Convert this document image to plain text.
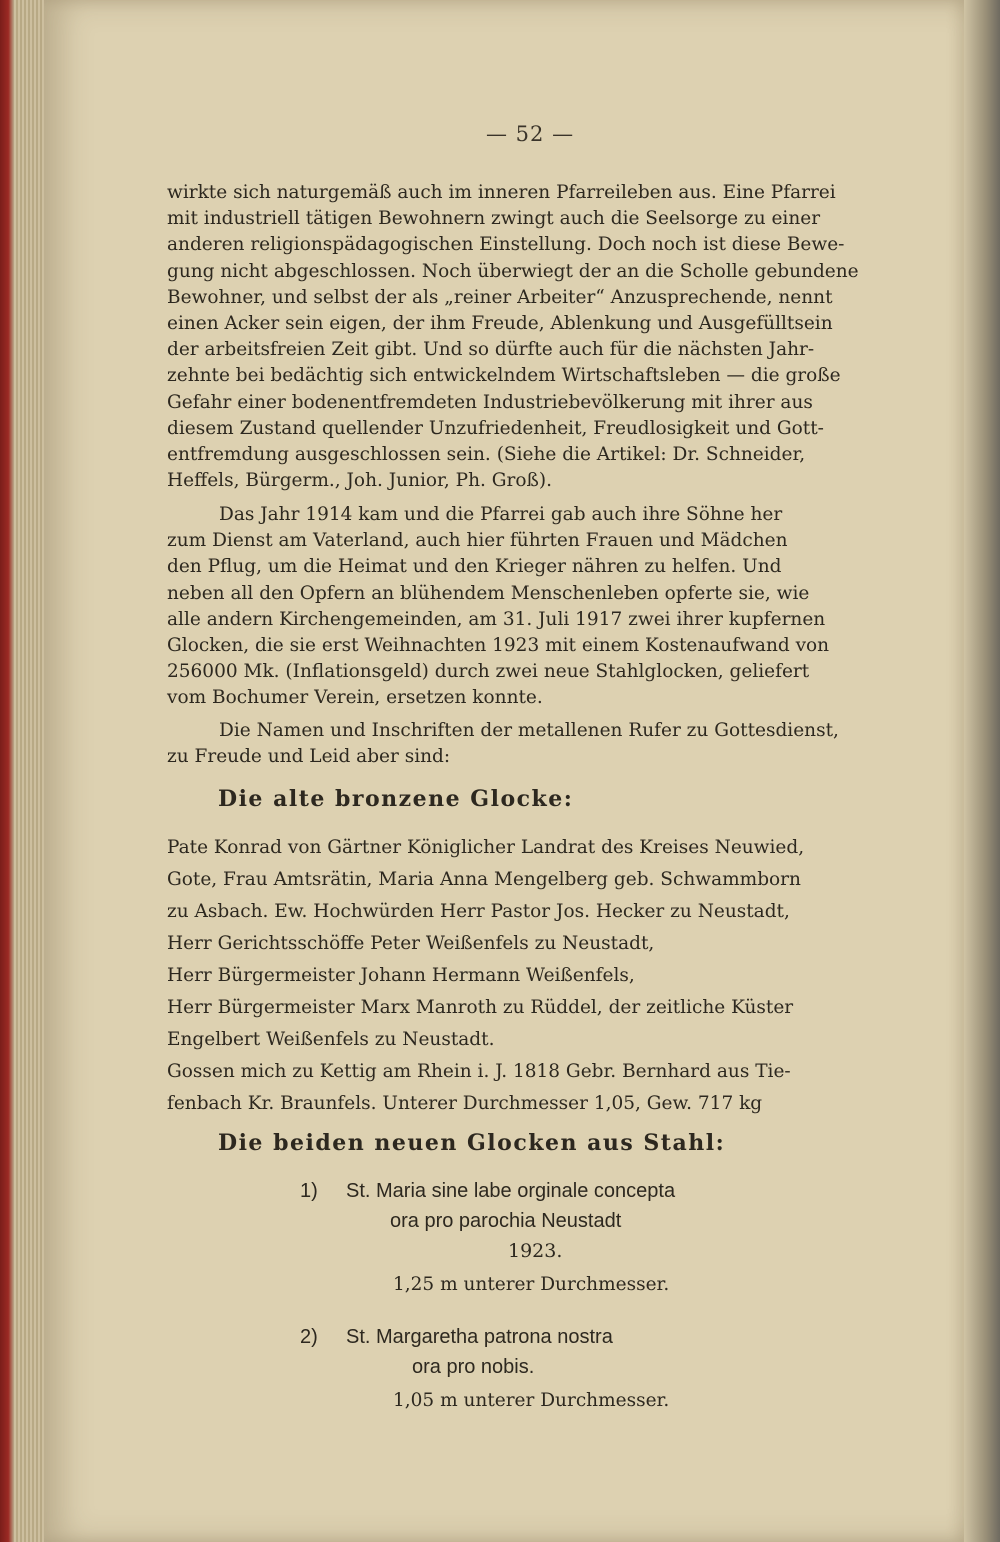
— 52 —

wirkte sich naturgemäß auch im inneren Pfarreileben aus. Eine Pfarrei

mit industriell tätigen Bewohnern zwingt auch die Seelsorge zu einer

anderen religionspädagogischen Einstellung. Doch noch ist diese Bewe-

gung nicht abgeschlossen. Noch überwiegt der an die Scholle gebundene

Bewohner, und selbst der als „reiner Arbeiter“ Anzusprechende, nennt

einen Acker sein eigen, der ihm Freude, Ablenkung und Ausgefülltsein

der arbeitsfreien Zeit gibt. Und so dürfte auch für die nächsten Jahr-

zehnte bei bedächtig sich entwickelndem Wirtschaftsleben — die große

Gefahr einer bodenentfremdeten Industriebevölkerung mit ihrer aus

diesem Zustand quellender Unzufriedenheit, Freudlosigkeit und Gott-

entfremdung ausgeschlossen sein. (Siehe die Artikel: Dr. Schneider,

Heffels, Bürgerm., Joh. Junior, Ph. Groß).

Das Jahr 1914 kam und die Pfarrei gab auch ihre Söhne her

zum Dienst am Vaterland, auch hier führten Frauen und Mädchen

den Pflug, um die Heimat und den Krieger nähren zu helfen. Und

neben all den Opfern an blühendem Menschenleben opferte sie, wie

alle andern Kirchengemeinden, am 31. Juli 1917 zwei ihrer kupfernen

Glocken, die sie erst Weihnachten 1923 mit einem Kostenaufwand von

256000 Mk. (Inflationsgeld) durch zwei neue Stahlglocken, geliefert

vom Bochumer Verein, ersetzen konnte.

Die Namen und Inschriften der metallenen Rufer zu Gottesdienst,

zu Freude und Leid aber sind:

Die alte bronzene Glocke:

Pate Konrad von Gärtner Königlicher Landrat des Kreises Neuwied,

Gote, Frau Amtsrätin, Maria Anna Mengelberg geb. Schwammborn

zu Asbach. Ew. Hochwürden Herr Pastor Jos. Hecker zu Neustadt,

Herr Gerichtsschöffe Peter Weißenfels zu Neustadt,

Herr Bürgermeister Johann Hermann Weißenfels,

Herr Bürgermeister Marx Manroth zu Rüddel, der zeitliche Küster

Engelbert Weißenfels zu Neustadt.

Gossen mich zu Kettig am Rhein i. J. 1818 Gebr. Bernhard aus Tie-

fenbach Kr. Braunfels. Unterer Durchmesser 1,05, Gew. 717 kg

Die beiden neuen Glocken aus Stahl:

1) St. Maria sine labe orginale concepta

ora pro parochia Neustadt

1923.

1,25 m unterer Durchmesser.

2) St. Margaretha patrona nostra

ora pro nobis.

1,05 m unterer Durchmesser.
